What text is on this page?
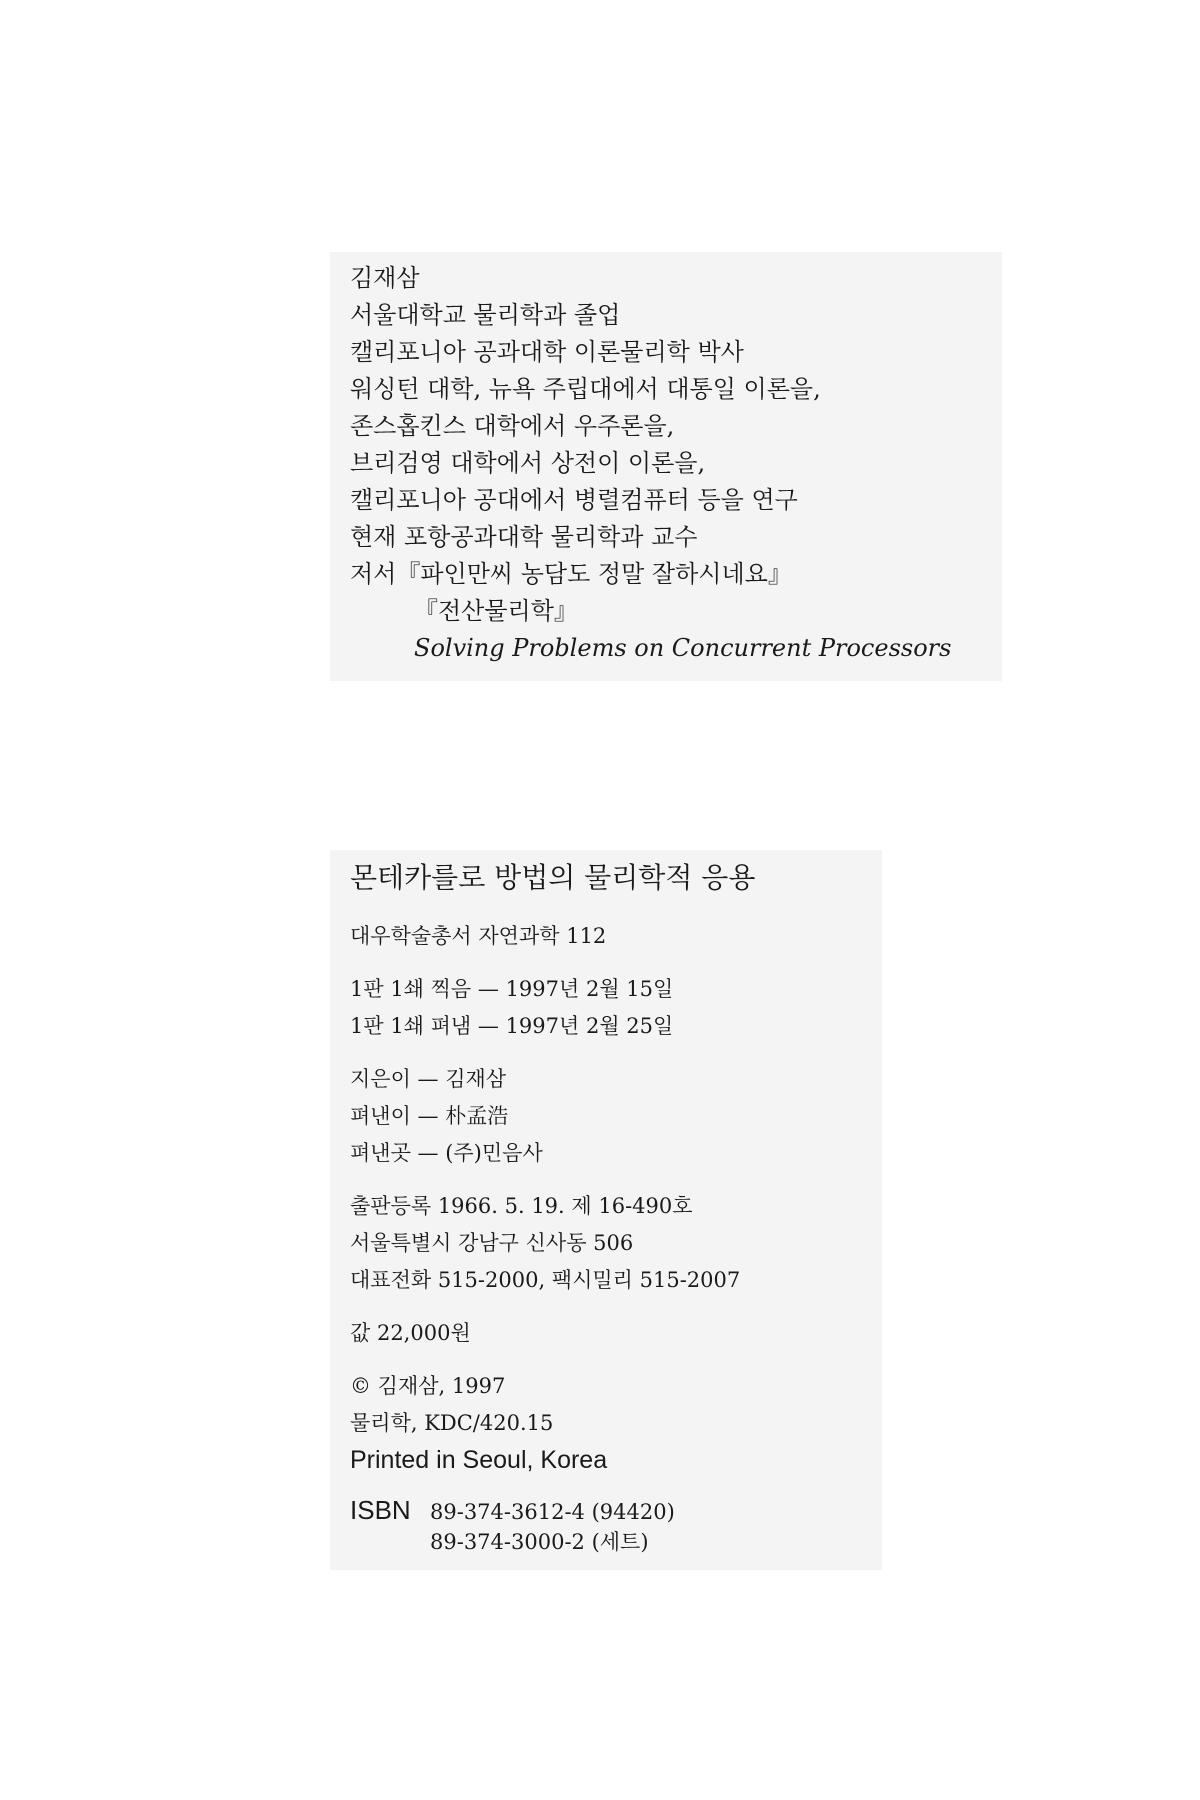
김재삼
서울대학교 물리학과 졸업
캘리포니아 공과대학 이론물리학 박사
워싱턴 대학, 뉴욕 주립대에서 대통일 이론을,
존스홉킨스 대학에서 우주론을,
브리검영 대학에서 상전이 이론을,
캘리포니아 공대에서 병렬컴퓨터 등을 연구
현재 포항공과대학 물리학과 교수
저서『파인만씨 농담도 정말 잘하시네요』
『전산물리학』
Solving Problems on Concurrent Processors
몬테카를로 방법의 물리학적 응용
대우학술총서 자연과학 112
1판 1쇄 찍음 — 1997년 2월 15일
1판 1쇄 펴냄 — 1997년 2월 25일
지은이 — 김재삼
펴낸이 — 朴孟浩
펴낸곳 — (주)민음사
출판등록 1966. 5. 19. 제 16-490호
서울특별시 강남구 신사동 506
대표전화 515-2000, 팩시밀리 515-2007
값 22,000원
© 김재삼, 1997
물리학, KDC/420.15
Printed in Seoul, Korea
ISBN 89-374-3612-4 (94420)
89-374-3000-2 (세트)
